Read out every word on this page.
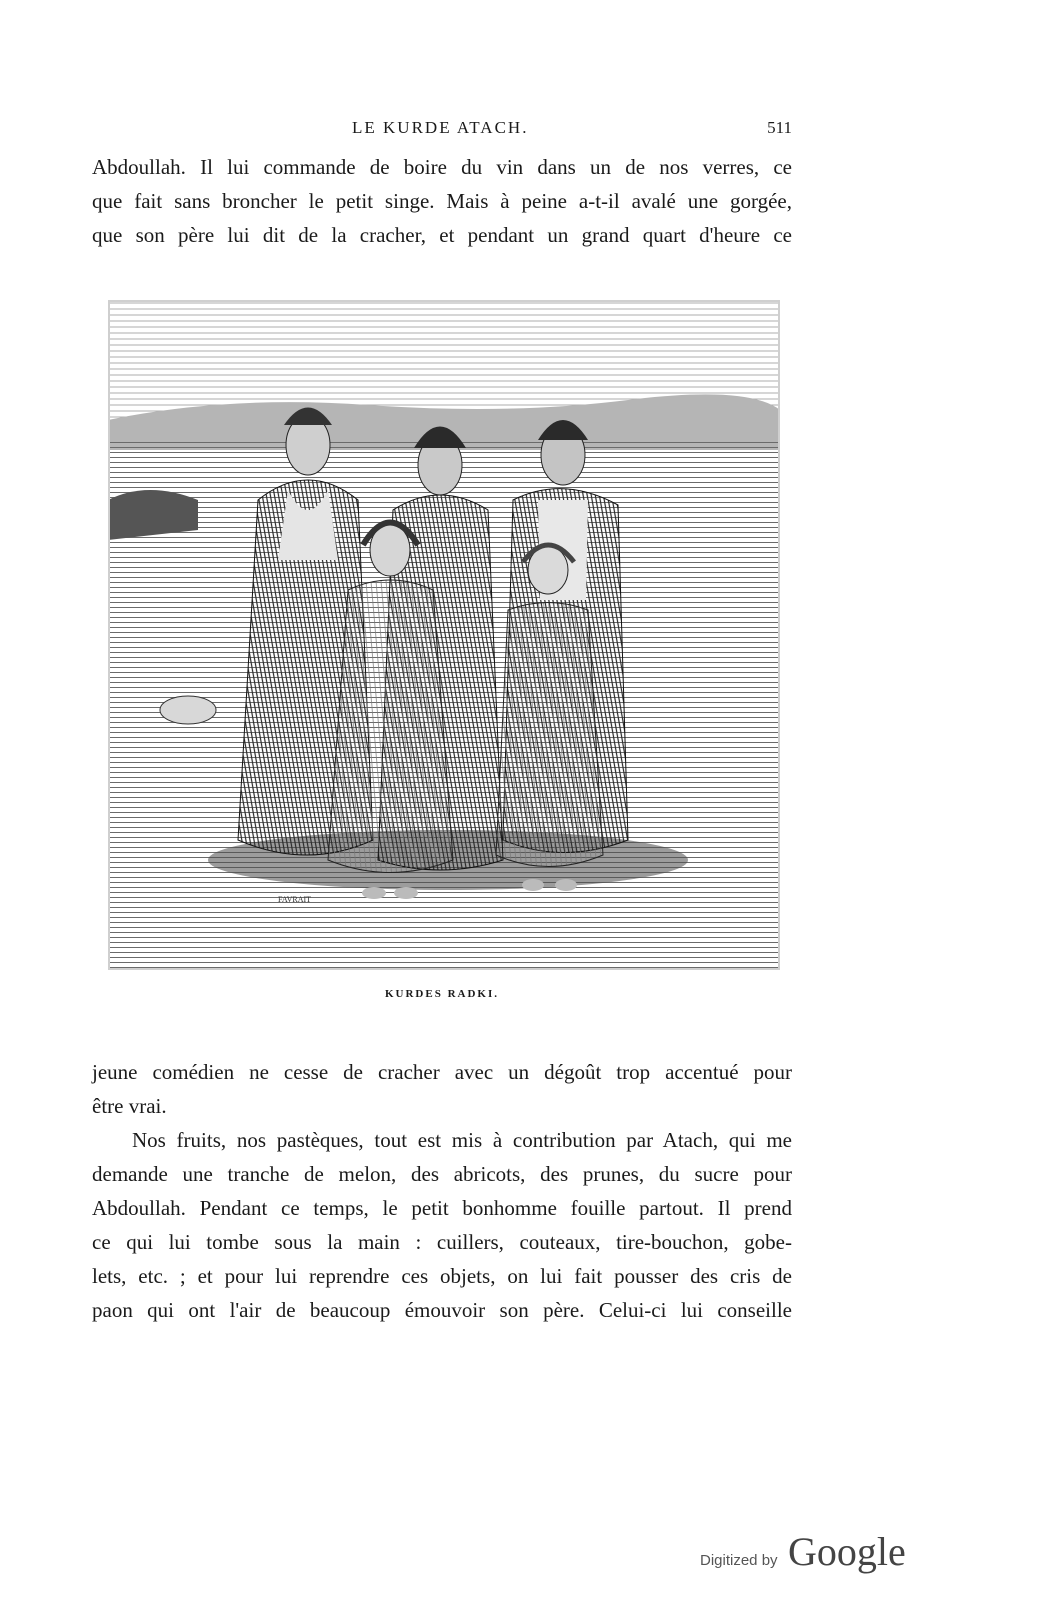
LE KURDE ATACH.	511

Abdoullah. Il lui commande de boire du vin dans un de nos verres, ce
que fait sans broncher le petit singe. Mais à peine a-t-il avalé une gorgée,
que son père lui dit de la cracher, et pendant un grand quart d'heure ce

FAVRAIT
KURDES RADKI.

jeune comédien ne cesse de cracher avec un dégoût trop accentué pour
être vrai.
Nos fruits, nos pastèques, tout est mis à contribution par Atach, qui me
demande une tranche de melon, des abricots, des prunes, du sucre pour
Abdoullah. Pendant ce temps, le petit bonhomme fouille partout. Il prend
ce qui lui tombe sous la main : cuillers, couteaux, tire-bouchon, gobe-
lets, etc. ; et pour lui reprendre ces objets, on lui fait pousser des cris de
paon qui ont l'air de beaucoup émouvoir son père. Celui-ci lui conseille

Digitized by Google
